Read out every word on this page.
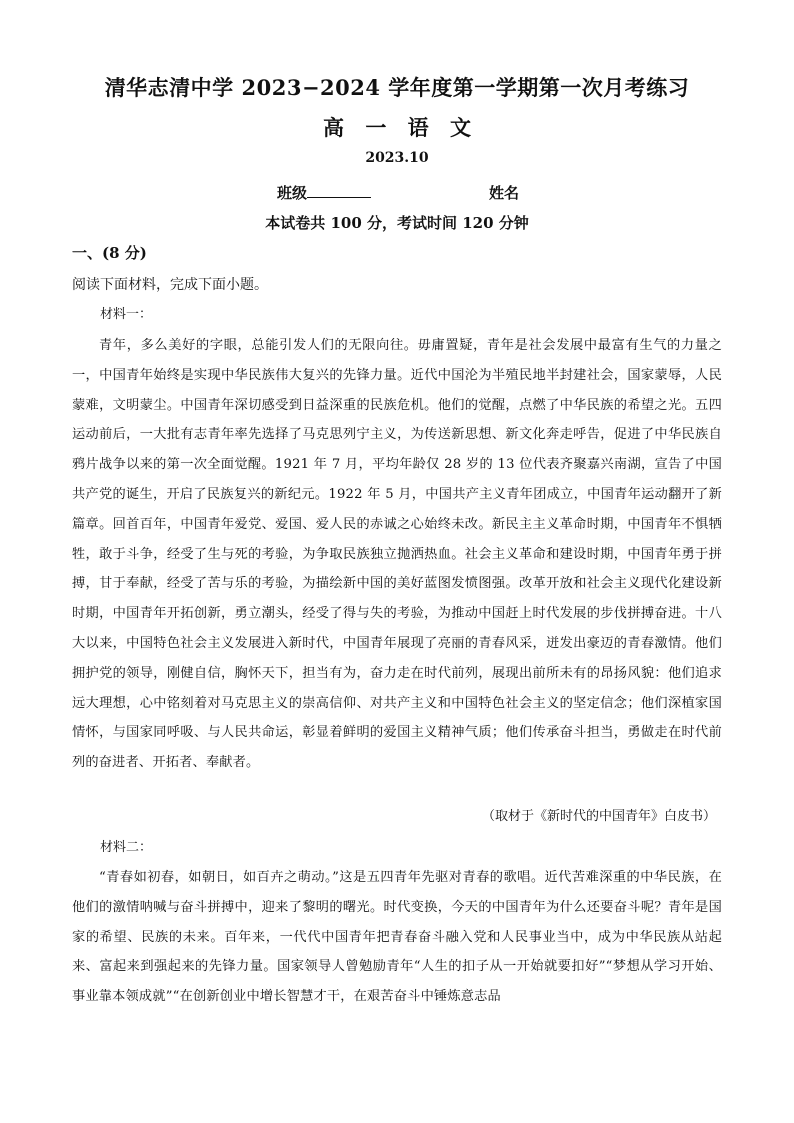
清华志清中学 2023−2024 学年度第一学期第一次月考练习
高 一 语 文
2023.10
班级	姓名
本试卷共 100 分，考试时间 120 分钟
一、(8 分)
阅读下面材料，完成下面小题。
材料一：
青年，多么美好的字眼，总能引发人们的无限向往。毋庸置疑，青年是社会发展中最富有生气的力量之一，中国青年始终是实现中华民族伟大复兴的先锋力量。近代中国沦为半殖民地半封建社会，国家蒙辱，人民蒙难，文明蒙尘。中国青年深切感受到日益深重的民族危机。他们的觉醒，点燃了中华民族的希望之光。五四运动前后，一大批有志青年率先选择了马克思列宁主义，为传送新思想、新文化奔走呼告，促进了中华民族自鸦片战争以来的第一次全面觉醒。1921 年 7 月，平均年龄仅 28 岁的 13 位代表齐聚嘉兴南湖，宣告了中国共产党的诞生，开启了民族复兴的新纪元。1922 年 5 月，中国共产主义青年团成立，中国青年运动翻开了新篇章。回首百年，中国青年爱党、爱国、爱人民的赤诚之心始终未改。新民主主义革命时期，中国青年不惧牺牲，敢于斗争，经受了生与死的考验，为争取民族独立抛洒热血。社会主义革命和建设时期，中国青年勇于拼搏，甘于奉献，经受了苦与乐的考验，为描绘新中国的美好蓝图发愤图强。改革开放和社会主义现代化建设新时期，中国青年开拓创新，勇立潮头，经受了得与失的考验，为推动中国赶上时代发展的步伐拼搏奋进。十八大以来，中国特色社会主义发展进入新时代，中国青年展现了亮丽的青春风采，迸发出豪迈的青春激情。他们拥护党的领导，刚健自信，胸怀天下，担当有为，奋力走在时代前列，展现出前所未有的昂扬风貌：他们追求远大理想，心中铭刻着对马克思主义的崇高信仰、对共产主义和中国特色社会主义的坚定信念；他们深植家国情怀，与国家同呼吸、与人民共命运，彰显着鲜明的爱国主义精神气质；他们传承奋斗担当，勇做走在时代前列的奋进者、开拓者、奉献者。
（取材于《新时代的中国青年》白皮书）
材料二：
“青春如初春，如朝日，如百卉之萌动。”这是五四青年先驱对青春的歌唱。近代苦难深重的中华民族，在他们的激情呐喊与奋斗拼搏中，迎来了黎明的曙光。时代变换，今天的中国青年为什么还要奋斗呢？青年是国家的希望、民族的未来。百年来，一代代中国青年把青春奋斗融入党和人民事业当中，成为中华民族从站起来、富起来到强起来的先锋力量。国家领导人曾勉励青年“人生的扣子从一开始就要扣好”“梦想从学习开始、事业靠本领成就”“在创新创业中增长智慧才干，在艰苦奋斗中锤炼意志品
